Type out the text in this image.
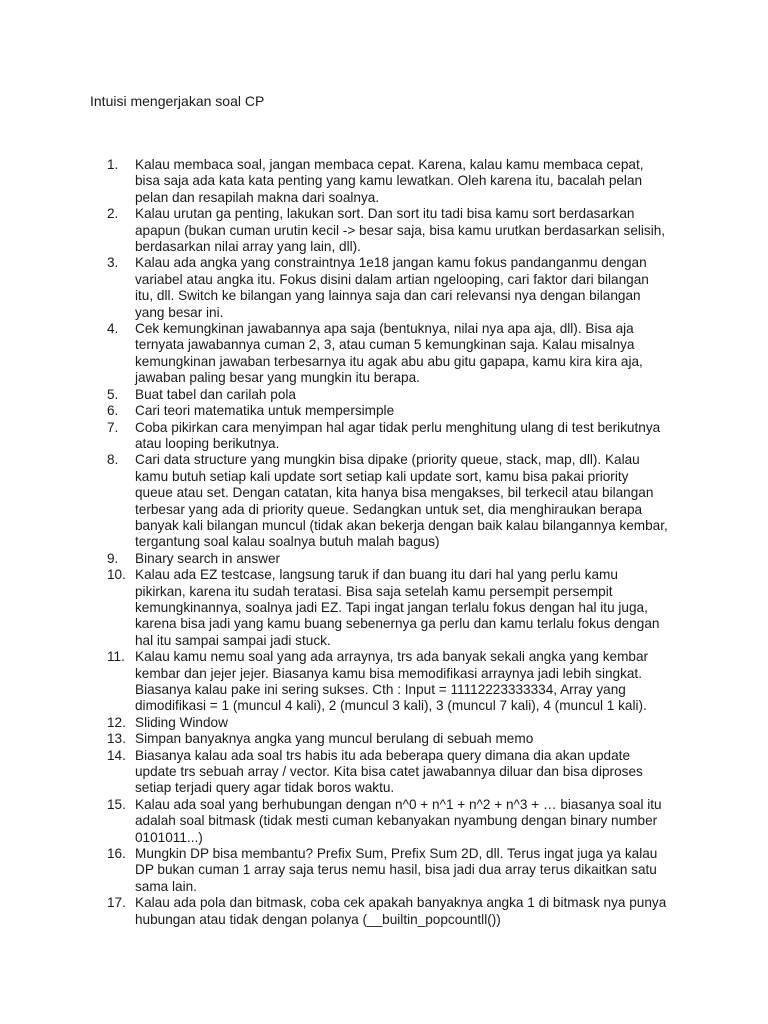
Intuisi mengerjakan soal CP
1.	Kalau membaca soal, jangan membaca cepat. Karena, kalau kamu membaca cepat,
bisa saja ada kata kata penting yang kamu lewatkan. Oleh karena itu, bacalah pelan
pelan dan resapilah makna dari soalnya.
2.	Kalau urutan ga penting, lakukan sort. Dan sort itu tadi bisa kamu sort berdasarkan
apapun (bukan cuman urutin kecil -> besar saja, bisa kamu urutkan berdasarkan selisih,
berdasarkan nilai array yang lain, dll).
3.	Kalau ada angka yang constraintnya 1e18 jangan kamu fokus pandanganmu dengan
variabel atau angka itu. Fokus disini dalam artian ngelooping, cari faktor dari bilangan
itu, dll. Switch ke bilangan yang lainnya saja dan cari relevansi nya dengan bilangan
yang besar ini.
4.	Cek kemungkinan jawabannya apa saja (bentuknya, nilai nya apa aja, dll). Bisa aja
ternyata jawabannya cuman 2, 3, atau cuman 5 kemungkinan saja. Kalau misalnya
kemungkinan jawaban terbesarnya itu agak abu abu gitu gapapa, kamu kira kira aja,
jawaban paling besar yang mungkin itu berapa.
5.	Buat tabel dan carilah pola
6.	Cari teori matematika untuk mempersimple
7.	Coba pikirkan cara menyimpan hal agar tidak perlu menghitung ulang di test berikutnya
atau looping berikutnya.
8.	Cari data structure yang mungkin bisa dipake (priority queue, stack, map, dll). Kalau
kamu butuh setiap kali update sort setiap kali update sort, kamu bisa pakai priority
queue atau set. Dengan catatan, kita hanya bisa mengakses, bil terkecil atau bilangan
terbesar yang ada di priority queue. Sedangkan untuk set, dia menghiraukan berapa
banyak kali bilangan muncul (tidak akan bekerja dengan baik kalau bilangannya kembar,
tergantung soal kalau soalnya butuh malah bagus)
9.	Binary search in answer
10. Kalau ada EZ testcase, langsung taruk if dan buang itu dari hal yang perlu kamu
pikirkan, karena itu sudah teratasi. Bisa saja setelah kamu persempit persempit
kemungkinannya, soalnya jadi EZ. Tapi ingat jangan terlalu fokus dengan hal itu juga,
karena bisa jadi yang kamu buang sebenernya ga perlu dan kamu terlalu fokus dengan
hal itu sampai sampai jadi stuck.
11. Kalau kamu nemu soal yang ada arraynya, trs ada banyak sekali angka yang kembar
kembar dan jejer jejer. Biasanya kamu bisa memodifikasi arraynya jadi lebih singkat.
Biasanya kalau pake ini sering sukses. Cth : Input = 11112223333334, Array yang
dimodifikasi = 1 (muncul 4 kali), 2 (muncul 3 kali), 3 (muncul 7 kali), 4 (muncul 1 kali).
12. Sliding Window
13. Simpan banyaknya angka yang muncul berulang di sebuah memo
14. Biasanya kalau ada soal trs habis itu ada beberapa query dimana dia akan update
update trs sebuah array / vector. Kita bisa catet jawabannya diluar dan bisa diproses
setiap terjadi query agar tidak boros waktu.
15. Kalau ada soal yang berhubungan dengan n^0 + n^1 + n^2 + n^3 + … biasanya soal itu
adalah soal bitmask (tidak mesti cuman kebanyakan nyambung dengan binary number
0101011...)
16. Mungkin DP bisa membantu? Prefix Sum, Prefix Sum 2D, dll. Terus ingat juga ya kalau
DP bukan cuman 1 array saja terus nemu hasil, bisa jadi dua array terus dikaitkan satu
sama lain.
17. Kalau ada pola dan bitmask, coba cek apakah banyaknya angka 1 di bitmask nya punya
hubungan atau tidak dengan polanya (__builtin_popcountll())
